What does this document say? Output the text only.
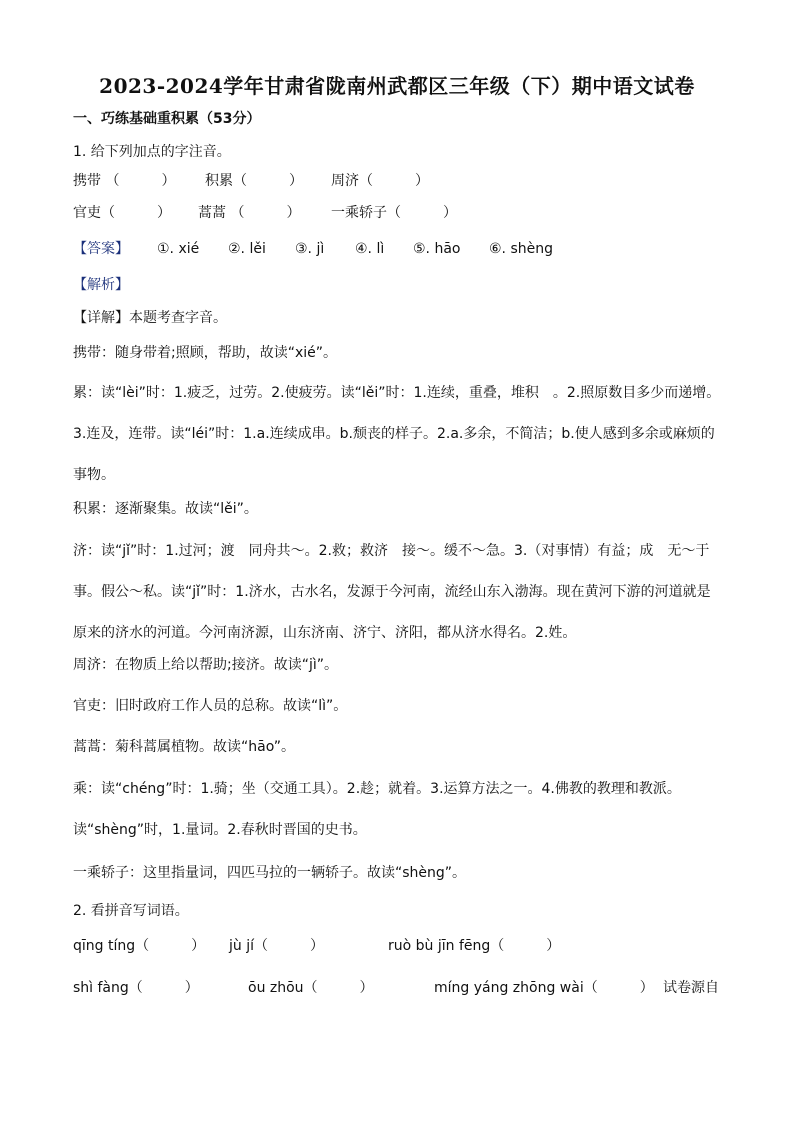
2023-2024学年甘肃省陇南州武都区三年级（下）期中语文试卷
一、巧练基础重积累（53分）
1. 给下列加点的字注音。
携带 （　　　） 积累（　　　） 周济（　　　）
官吏（　　　） 蒿蒿 （　　　） 一乘轿子（　　　）
【答案】 ①. xié ②. lěi ③. jì ④. lì ⑤. hāo ⑥. shèng
【解析】
【详解】本题考查字音。
携带：随身带着;照顾，帮助，故读“xié”。
累：读“lèi”时：1.疲乏，过劳。2.使疲劳。读“lěi”时：1.连续，重叠，堆积　。2.照原数目多少而递增。3.连及，连带。读“léi”时：1.a.连续成串。b.颓丧的样子。2.a.多余，不简洁；b.使人感到多余或麻烦的事物。
积累：逐渐聚集。故读“lěi”。
济：读“jǐ”时：1.过河；渡　同舟共～。2.救；救济　接～。缓不～急。3.（对事情）有益；成　无～于事。假公～私。读“jǐ”时：1.济水，古水名，发源于今河南，流经山东入渤海。现在黄河下游的河道就是原来的济水的河道。今河南济源，山东济南、济宁、济阳，都从济水得名。2.姓。
周济：在物质上给以帮助;接济。故读“jì”。
官吏：旧时政府工作人员的总称。故读“lì”。
蒿蒿：菊科蒿属植物。故读“hāo”。
乘：读“chéng”时：1.骑；坐（交通工具）。2.趁；就着。3.运算方法之一。4.佛教的教理和教派。读“shèng”时，1.量词。2.春秋时晋国的史书。
一乘轿子：这里指量词，四匹马拉的一辆轿子。故读“shèng”。
2. 看拼音写词语。
qīng tíng（　　　） jù jí（　　　）	ruò bù jīn fēng（　　　）
shì fàng（　　　）	ōu zhōu（　　　）	míng yáng zhōng wài（　　　） 试卷源自
